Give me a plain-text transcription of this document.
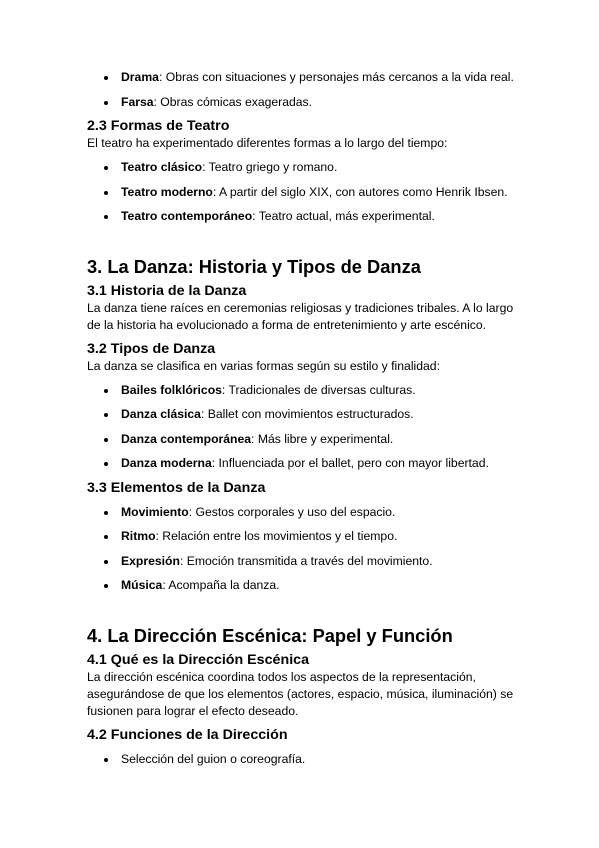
Drama: Obras con situaciones y personajes más cercanos a la vida real.
Farsa: Obras cómicas exageradas.
2.3 Formas de Teatro

El teatro ha experimentado diferentes formas a lo largo del tiempo:

Teatro clásico: Teatro griego y romano.
Teatro moderno: A partir del siglo XIX, con autores como Henrik Ibsen.
Teatro contemporáneo: Teatro actual, más experimental.
3. La Danza: Historia y Tipos de Danza
3.1 Historia de la Danza

La danza tiene raíces en ceremonias religiosas y tradiciones tribales. A lo largo de la historia ha evolucionado a forma de entretenimiento y arte escénico.

3.2 Tipos de Danza

La danza se clasifica en varias formas según su estilo y finalidad:

Bailes folklóricos: Tradicionales de diversas culturas.
Danza clásica: Ballet con movimientos estructurados.
Danza contemporánea: Más libre y experimental.
Danza moderna: Influenciada por el ballet, pero con mayor libertad.
3.3 Elementos de la Danza
Movimiento: Gestos corporales y uso del espacio.
Ritmo: Relación entre los movimientos y el tiempo.
Expresión: Emoción transmitida a través del movimiento.
Música: Acompaña la danza.
4. La Dirección Escénica: Papel y Función
4.1 Qué es la Dirección Escénica

La dirección escénica coordina todos los aspectos de la representación, asegurándose de que los elementos (actores, espacio, música, iluminación) se fusionen para lograr el efecto deseado.

4.2 Funciones de la Dirección
Selección del guion o coreografía.
